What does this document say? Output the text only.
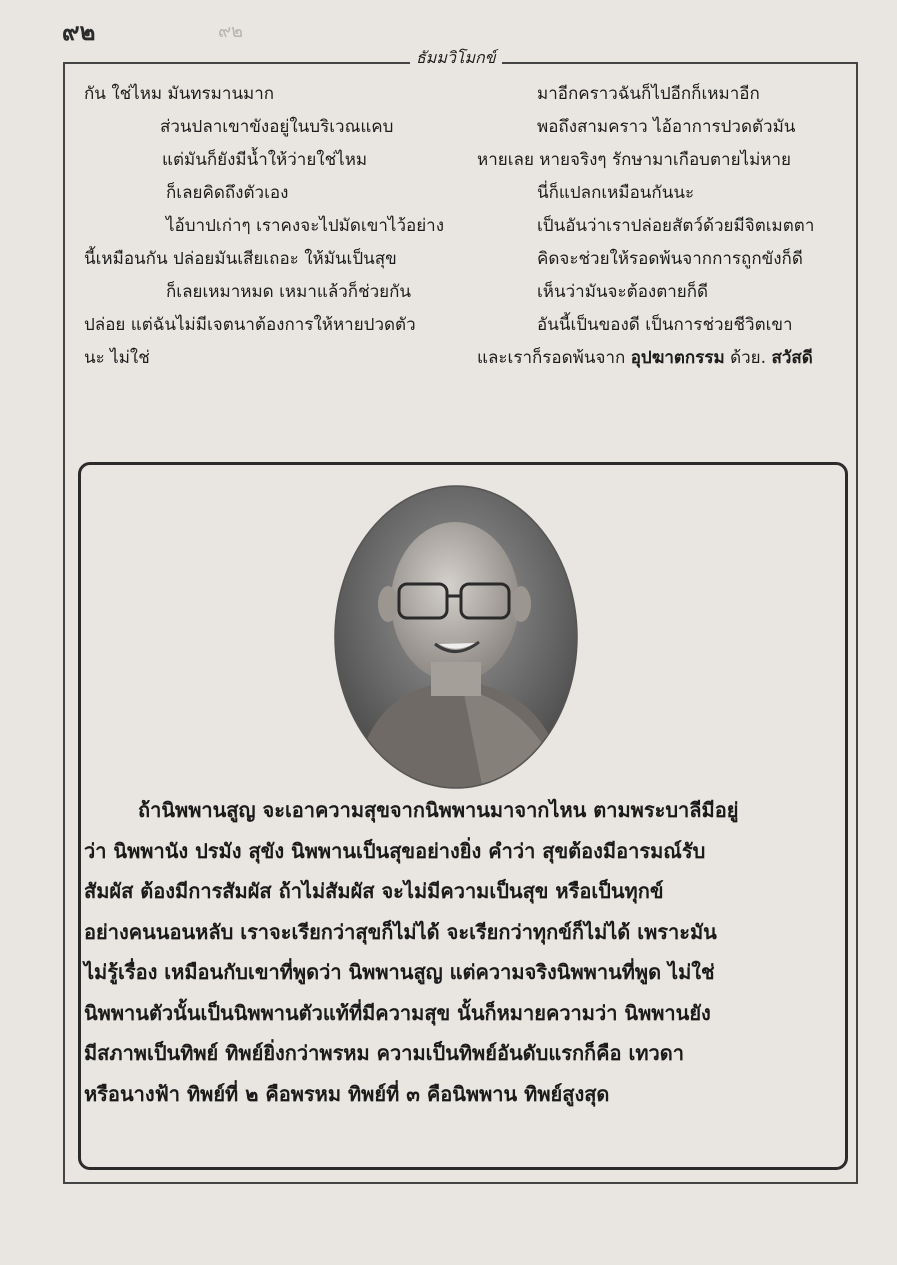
๙๒	๙๒
ธัมมวิโมกข์
กัน ใช่ไหม มันทรมานมาก
ส่วนปลาเขาขังอยู่ในบริเวณแคบ
แต่มันก็ยังมีน้ำให้ว่ายใช่ไหม
ก็เลยคิดถึงตัวเอง
ไอ้บาปเก่าๆ เราคงจะไปมัดเขาไว้อย่าง
นี้เหมือนกัน ปล่อยมันเสียเถอะ ให้มันเป็นสุข
ก็เลยเหมาหมด เหมาแล้วก็ช่วยกัน
ปล่อย แต่ฉันไม่มีเจตนาต้องการให้หายปวดตัว
นะ ไม่ใช่
มาอีกคราวฉันก็ไปอีกก็เหมาอีก
พอถึงสามคราว ไอ้อาการปวดตัวมัน
หายเลย หายจริงๆ รักษามาเกือบตายไม่หาย
นี่ก็แปลกเหมือนกันนะ
เป็นอันว่าเราปล่อยสัตว์ด้วยมีจิตเมตตา
คิดจะช่วยให้รอดพ้นจากการถูกขังก็ดี
เห็นว่ามันจะต้องตายก็ดี
อันนี้เป็นของดี เป็นการช่วยชีวิตเขา
และเราก็รอดพ้นจาก อุปฆาตกรรม ด้วย. สวัสดี
ถ้านิพพานสูญ จะเอาความสุขจากนิพพานมาจากไหน ตามพระบาลีมีอยู่
ว่า นิพพานัง ปรมัง สุขัง นิพพานเป็นสุขอย่างยิ่ง คำว่า สุขต้องมีอารมณ์รับ
สัมผัส ต้องมีการสัมผัส ถ้าไม่สัมผัส จะไม่มีความเป็นสุข หรือเป็นทุกข์
อย่างคนนอนหลับ เราจะเรียกว่าสุขก็ไม่ได้ จะเรียกว่าทุกข์ก็ไม่ได้ เพราะมัน
ไม่รู้เรื่อง เหมือนกับเขาที่พูดว่า นิพพานสูญ แต่ความจริงนิพพานที่พูด ไม่ใช่
นิพพานตัวนั้นเป็นนิพพานตัวแท้ที่มีความสุข นั้นก็หมายความว่า นิพพานยัง
มีสภาพเป็นทิพย์ ทิพย์ยิ่งกว่าพรหม ความเป็นทิพย์อันดับแรกก็คือ เทวดา
หรือนางฟ้า ทิพย์ที่ ๒ คือพรหม ทิพย์ที่ ๓ คือนิพพาน ทิพย์สูงสุด
